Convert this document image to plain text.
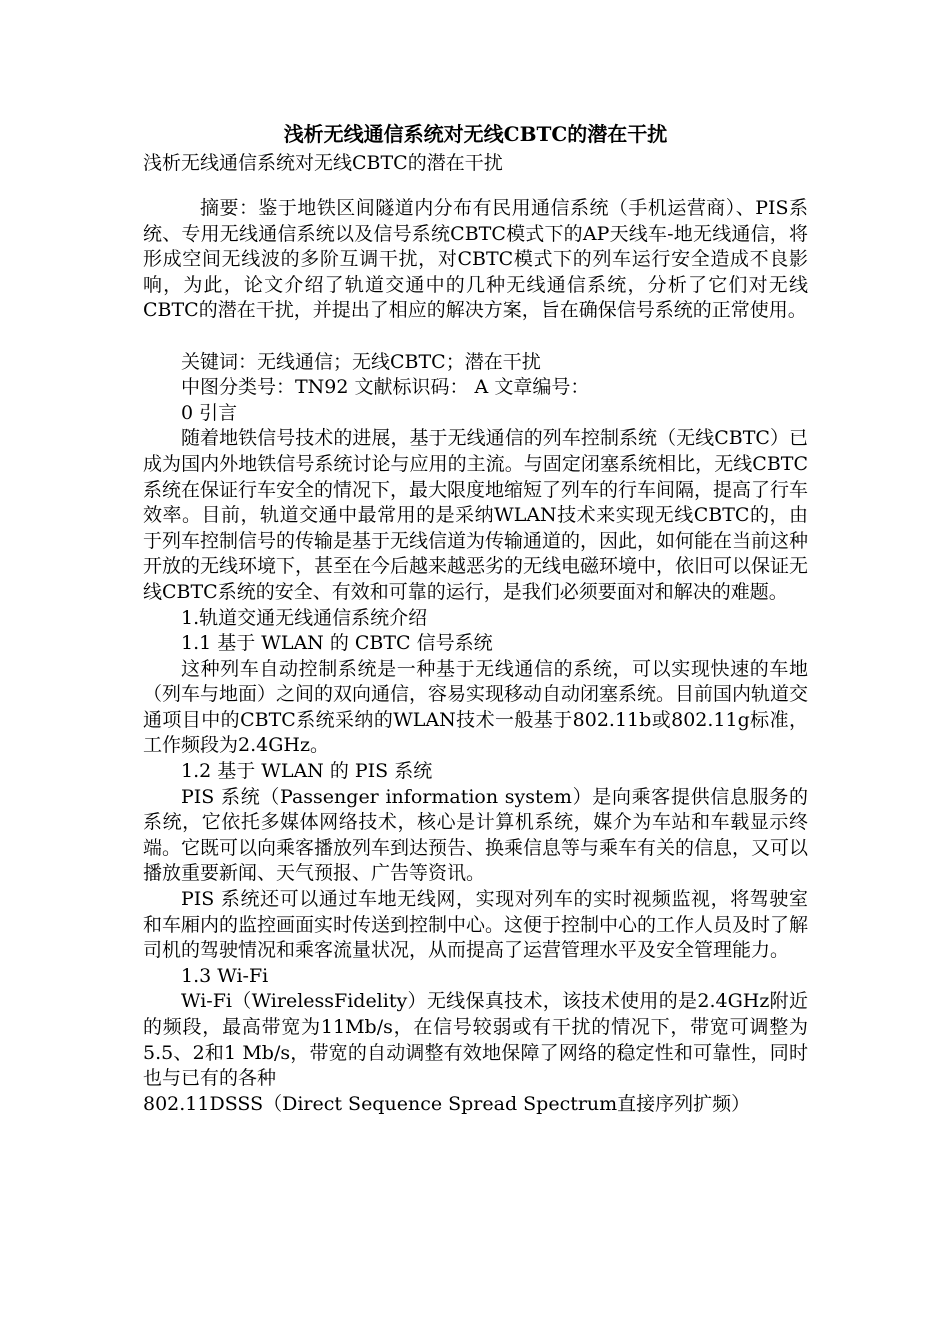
浅析无线通信系统对无线CBTC的潜在干扰
浅析无线通信系统对无线CBTC的潜在干扰

摘要：鉴于地铁区间隧道内分布有民用通信系统（手机运营商）、PIS系统、专用无线通信系统以及信号系统CBTC模式下的AP天线车-地无线通信，将形成空间无线波的多阶互调干扰，对CBTC模式下的列车运行安全造成不良影响，为此，论文介绍了轨道交通中的几种无线通信系统，分析了它们对无线CBTC的潜在干扰，并提出了相应的解决方案，旨在确保信号系统的正常使用。

关键词：无线通信；无线CBTC；潜在干扰

中图分类号：TN92 文献标识码： A 文章编号：

0 引言

随着地铁信号技术的进展，基于无线通信的列车控制系统（无线CBTC）已成为国内外地铁信号系统讨论与应用的主流。与固定闭塞系统相比，无线CBTC系统在保证行车安全的情况下，最大限度地缩短了列车的行车间隔，提高了行车效率。目前，轨道交通中最常用的是采纳WLAN技术来实现无线CBTC的，由于列车控制信号的传输是基于无线信道为传输通道的，因此，如何能在当前这种开放的无线环境下，甚至在今后越来越恶劣的无线电磁环境中，依旧可以保证无线CBTC系统的安全、有效和可靠的运行，是我们必须要面对和解决的难题。

1.轨道交通无线通信系统介绍

1.1 基于 WLAN 的 CBTC 信号系统

这种列车自动控制系统是一种基于无线通信的系统，可以实现快速的车地（列车与地面）之间的双向通信，容易实现移动自动闭塞系统。目前国内轨道交通项目中的CBTC系统采纳的WLAN技术一般基于802.11b或802.11g标准，工作频段为2.4GHz。

1.2 基于 WLAN 的 PIS 系统

PIS 系统（Passenger information system）是向乘客提供信息服务的系统，它依托多媒体网络技术，核心是计算机系统，媒介为车站和车载显示终端。它既可以向乘客播放列车到达预告、换乘信息等与乘车有关的信息，又可以播放重要新闻、天气预报、广告等资讯。

PIS 系统还可以通过车地无线网，实现对列车的实时视频监视，将驾驶室和车厢内的监控画面实时传送到控制中心。这便于控制中心的工作人员及时了解司机的驾驶情况和乘客流量状况，从而提高了运营管理水平及安全管理能力。

1.3 Wi-Fi

Wi-Fi（WirelessFidelity）无线保真技术，该技术使用的是2.4GHz附近的频段，最高带宽为11Mb/s，在信号较弱或有干扰的情况下，带宽可调整为5.5、2和1 Mb/s，带宽的自动调整有效地保障了网络的稳定性和可靠性，同时也与已有的各种

802.11DSSS（Direct Sequence Spread Spectrum直接序列扩频）
